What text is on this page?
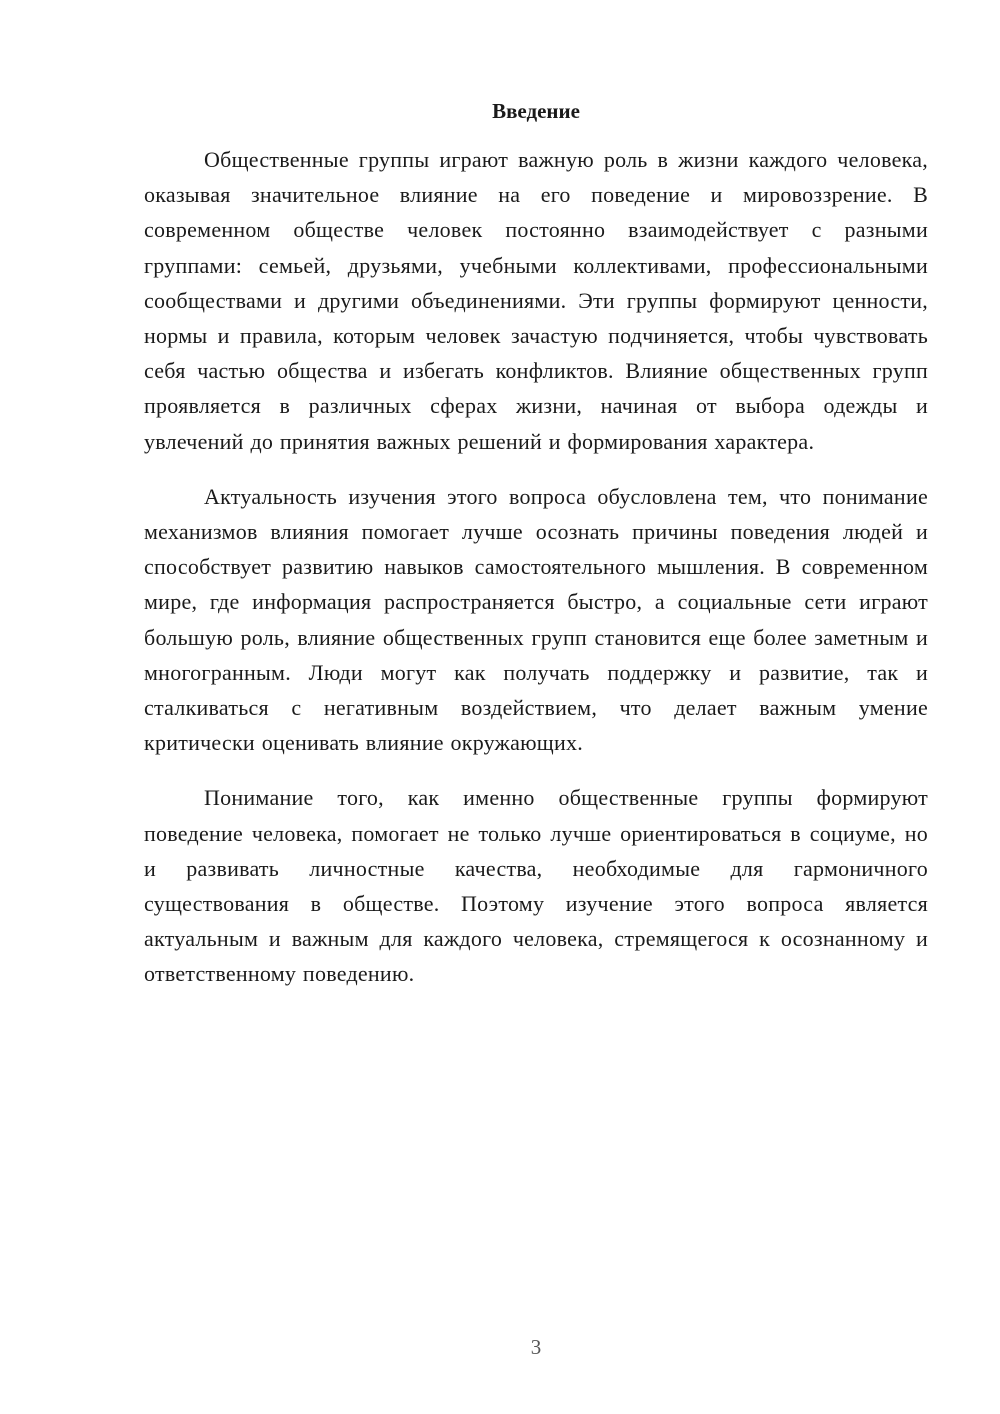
Введение

Общественные группы играют важную роль в жизни каждого человека, оказывая значительное влияние на его поведение и мировоззрение. В современном обществе человек постоянно взаимодействует с разными группами: семьей, друзьями, учебными коллективами, профессиональными сообществами и другими объединениями. Эти группы формируют ценности, нормы и правила, которым человек зачастую подчиняется, чтобы чувствовать себя частью общества и избегать конфликтов. Влияние общественных групп проявляется в различных сферах жизни, начиная от выбора одежды и увлечений до принятия важных решений и формирования характера.

Актуальность изучения этого вопроса обусловлена тем, что понимание механизмов влияния помогает лучше осознать причины поведения людей и способствует развитию навыков самостоятельного мышления. В современном мире, где информация распространяется быстро, а социальные сети играют большую роль, влияние общественных групп становится еще более заметным и многогранным. Люди могут как получать поддержку и развитие, так и сталкиваться с негативным воздействием, что делает важным умение критически оценивать влияние окружающих.

Понимание того, как именно общественные группы формируют поведение человека, помогает не только лучше ориентироваться в социуме, но и развивать личностные качества, необходимые для гармоничного существования в обществе. Поэтому изучение этого вопроса является актуальным и важным для каждого человека, стремящегося к осознанному и ответственному поведению.

3
